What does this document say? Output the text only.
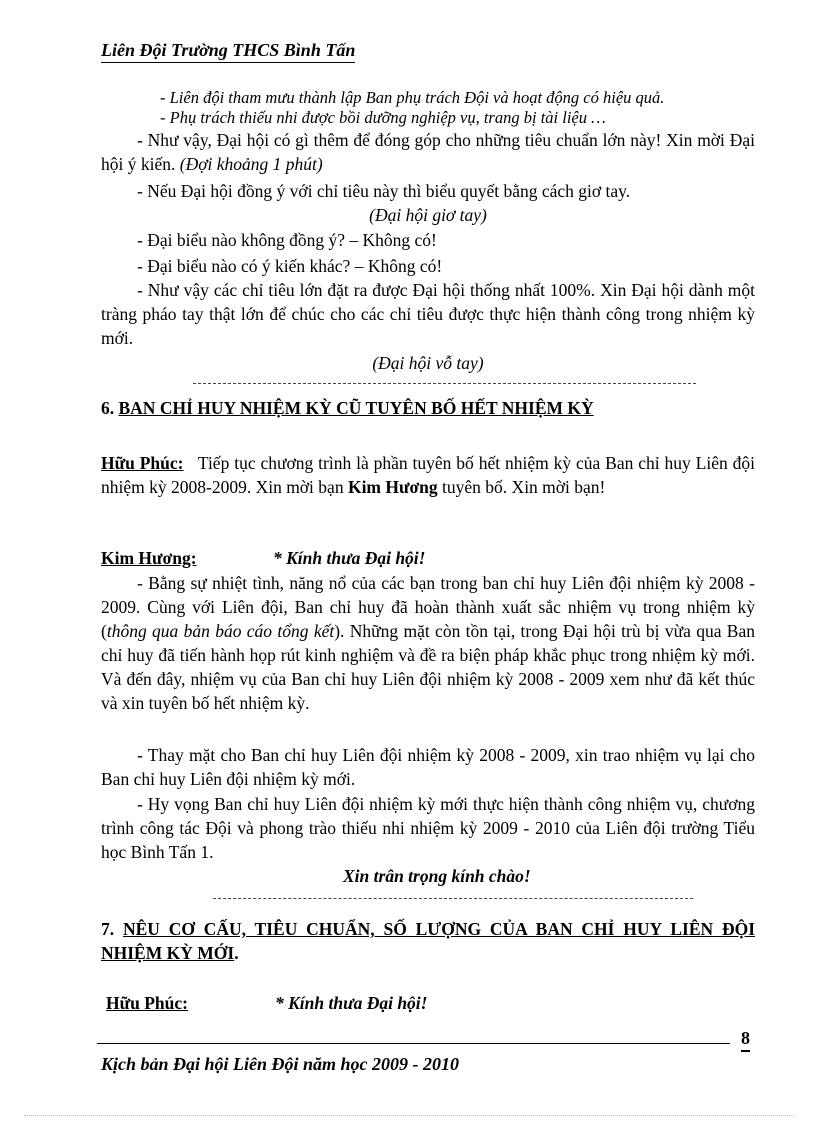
Liên Đội Trường THCS Bình Tấn
- Liên đội tham mưu thành lập Ban phụ trách Đội và hoạt động có hiệu quả.
- Phụ trách thiếu nhi được bồi dưỡng nghiệp vụ, trang bị tài liệu …
- Như vậy, Đại hội có gì thêm để đóng góp cho những tiêu chuẩn lớn này! Xin mời Đại hội ý kiến. (Đợi khoảng 1 phút)
- Nếu Đại hội đồng ý với chỉ tiêu này thì biểu quyết bằng cách giơ tay.
(Đại hội giơ tay)
- Đại biểu nào không đồng ý? – Không có!
- Đại biểu nào có ý kiến khác? – Không có!
- Như vậy các chỉ tiêu lớn đặt ra được Đại hội thống nhất 100%. Xin Đại hội dành một tràng pháo tay thật lớn để chúc cho các chỉ tiêu được thực hiện thành công trong nhiệm kỳ mới.
(Đại hội vỗ tay)
6. BAN CHỈ HUY NHIỆM KỲ CŨ TUYÊN BỐ HẾT NHIỆM KỲ
Hữu Phúc: Tiếp tục chương trình là phần tuyên bố hết nhiệm kỳ của Ban chỉ huy Liên đội nhiệm kỳ 2008-2009. Xin mời bạn Kim Hương tuyên bố. Xin mời bạn!
Kim Hương:	* Kính thưa Đại hội!
- Bằng sự nhiệt tình, năng nổ của các bạn trong ban chỉ huy Liên đội nhiệm kỳ 2008 - 2009. Cùng với Liên đội, Ban chỉ huy đã hoàn thành xuất sắc nhiệm vụ trong nhiệm kỳ (thông qua bản báo cáo tổng kết). Những mặt còn tồn tại, trong Đại hội trù bị vừa qua Ban chỉ huy đã tiến hành họp rút kinh nghiệm và đề ra biện pháp khắc phục trong nhiệm kỳ mới. Và đến đây, nhiệm vụ của Ban chỉ huy Liên đội nhiệm kỳ 2008 - 2009 xem như đã kết thúc và xin tuyên bố hết nhiệm kỳ.
- Thay mặt cho Ban chỉ huy Liên đội nhiệm kỳ 2008 - 2009, xin trao nhiệm vụ lại cho Ban chỉ huy Liên đội nhiệm kỳ mới.
- Hy vọng Ban chỉ huy Liên đội nhiệm kỳ mới thực hiện thành công nhiệm vụ, chương trình công tác Đội và phong trào thiếu nhi nhiệm kỳ 2009 - 2010 của Liên đội trường Tiểu học Bình Tấn 1.
Xin trân trọng kính chào!
7. NÊU CƠ CẤU, TIÊU CHUẨN, SỐ LƯỢNG CỦA BAN CHỈ HUY LIÊN ĐỘI NHIỆM KỲ MỚI.
Hữu Phúc:	* Kính thưa Đại hội!
8
Kịch bản Đại hội Liên Đội năm học 2009 - 2010
